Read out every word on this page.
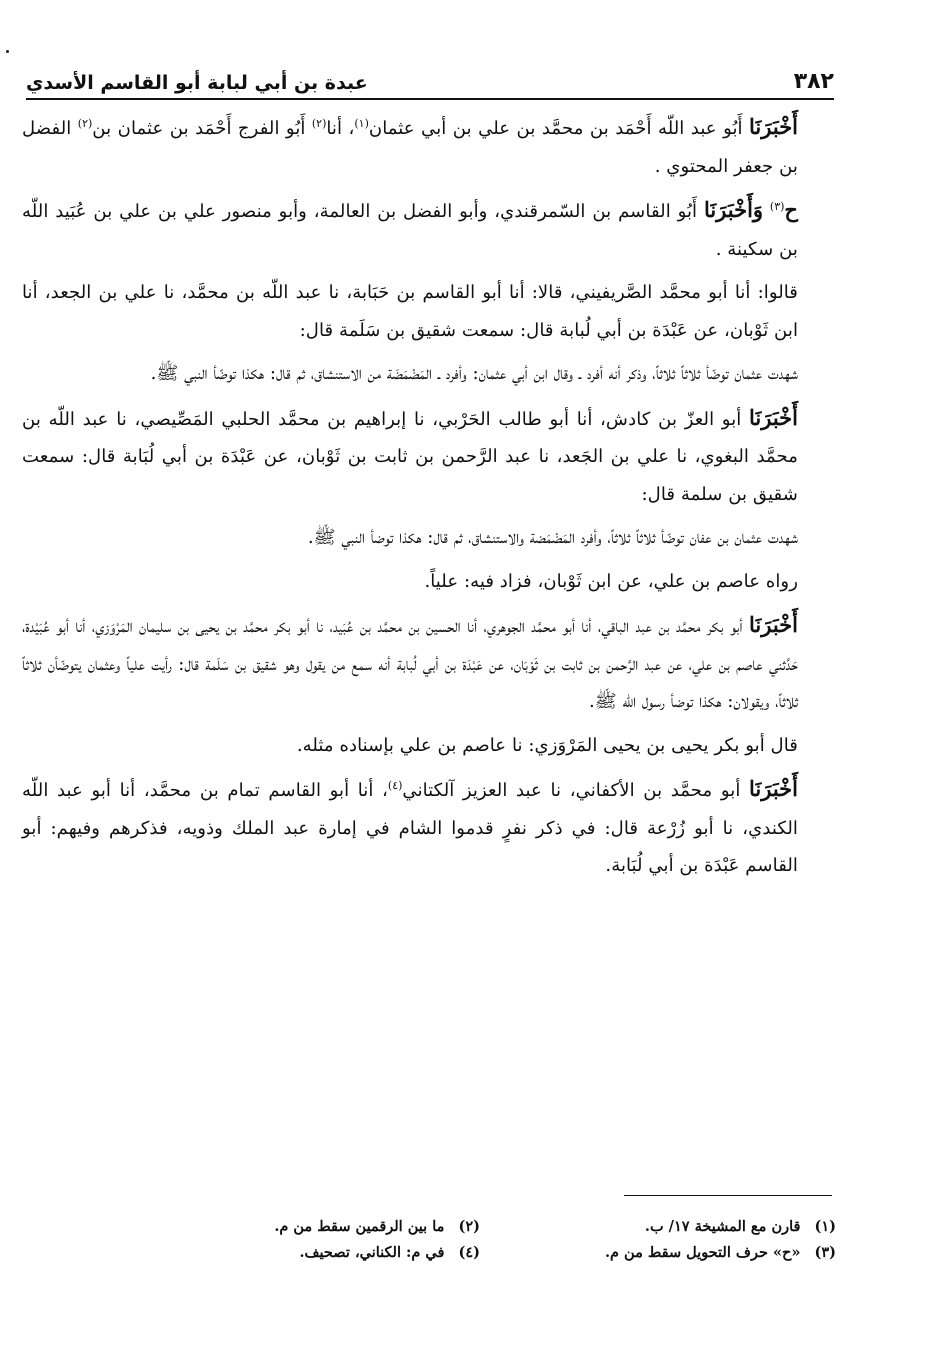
٣٨٢
عبدة بن أبي لبابة أبو القاسم الأسدي

أَخْبَرَنَا أَبُو عبد اللّه أَحْمَد بن محمَّد بن علي بن أبي عثمان$^{(١)}$، أنا$^{(٢)}$ أَبُو الفرج أَحْمَد بن عثمان بن$^{(٢)}$ الفضل بن جعفر المحتوي .

ح$^{(٣)}$ وَأَخْبَرَنَا أَبُو القاسم بن السّمرقندي، وأبو الفضل بن العالمة، وأبو منصور علي بن علي بن عُبَيد اللّه بن سكينة .

قالوا: أنا أبو محمَّد الصَّريفيني، قالا: أنا أبو القاسم بن حَبَابة، نا عبد اللّه بن محمَّد، نا علي بن الجعد، أنا ابن ثَوْبان، عن عَبْدَة بن أبي لُبابة قال: سمعت شقيق بن سَلَمة قال:

شهدت عثمان توضّأ ثلاثاً ثلاثاً، وذكر أنه أفرد ـ وقال ابن أبي عثمان: وأفرد ـ المَضْمَضَة من الاستنشاق، ثم قال: هكذا توضّأ النبي ﷺ.

أَخْبَرَنَا أبو العزّ بن كادش، أنا أبو طالب الحَرْبي، نا إبراهيم بن محمَّد الحلبي المَصِّيصي، نا عبد اللّه بن محمَّد البغوي، نا علي بن الجَعد، نا عبد الرَّحمن بن ثابت بن ثَوْبان، عن عَبْدَة بن أبي لُبَابة قال: سمعت شقيق بن سلمة قال:

شهدت عثمان بن عفان توضّأ ثلاثاً ثلاثاً، وأفرد المَضْمَضة والاستنشاق، ثم قال: هكذا توضأ النبي ﷺ.

رواه عاصم بن علي، عن ابن ثَوْبان، فزاد فيه: علياً.

أَخْبَرَنَا أبو بكر محمَّد بن عبد الباقي، أنا أبو محمَّد الجوهري، أنا الحسين بن محمَّد بن عُبَيد، نا أبو بكر محمَّد بن يحيى بن سليمان المَرْوَزي، أنا أبو عُبَيْدة، حَدَّثني عاصم بن علي، عن عبد الرَّحمن بن ثابت بن ثَوْبَان، عن عَبْدَة بن أبي لُبابة أنه سمع من يقول وهو شقيق بن سَلَمة قال: رأيت علياً وعثمان يتوضّأن ثلاثاً ثلاثاً، ويقولان: هكذا توضأ رسول الله ﷺ.

قال أبو بكر يحيى بن يحيى المَرْوَزي: نا عاصم بن علي بإسناده مثله.

أَخْبَرَنَا أبو محمَّد بن الأكفاني، نا عبد العزيز آلكتاني$^{(٤)}$، أنا أبو القاسم تمام بن محمَّد، أنا أبو عبد اللّه الكندي، نا أبو زُرْعة قال: في ذكر نفرٍ قدموا الشام في إمارة عبد الملك وذويه، فذكرهم وفيهم: أبو القاسم عَبْدَة بن أبي لُبَابة.

(١)قارن مع المشيخة ١٧/ ب.
(٢)ما بين الرقمين سقط من م.
(٣)«ح» حرف التحويل سقط من م.
(٤)في م: الكناني، تصحيف.
